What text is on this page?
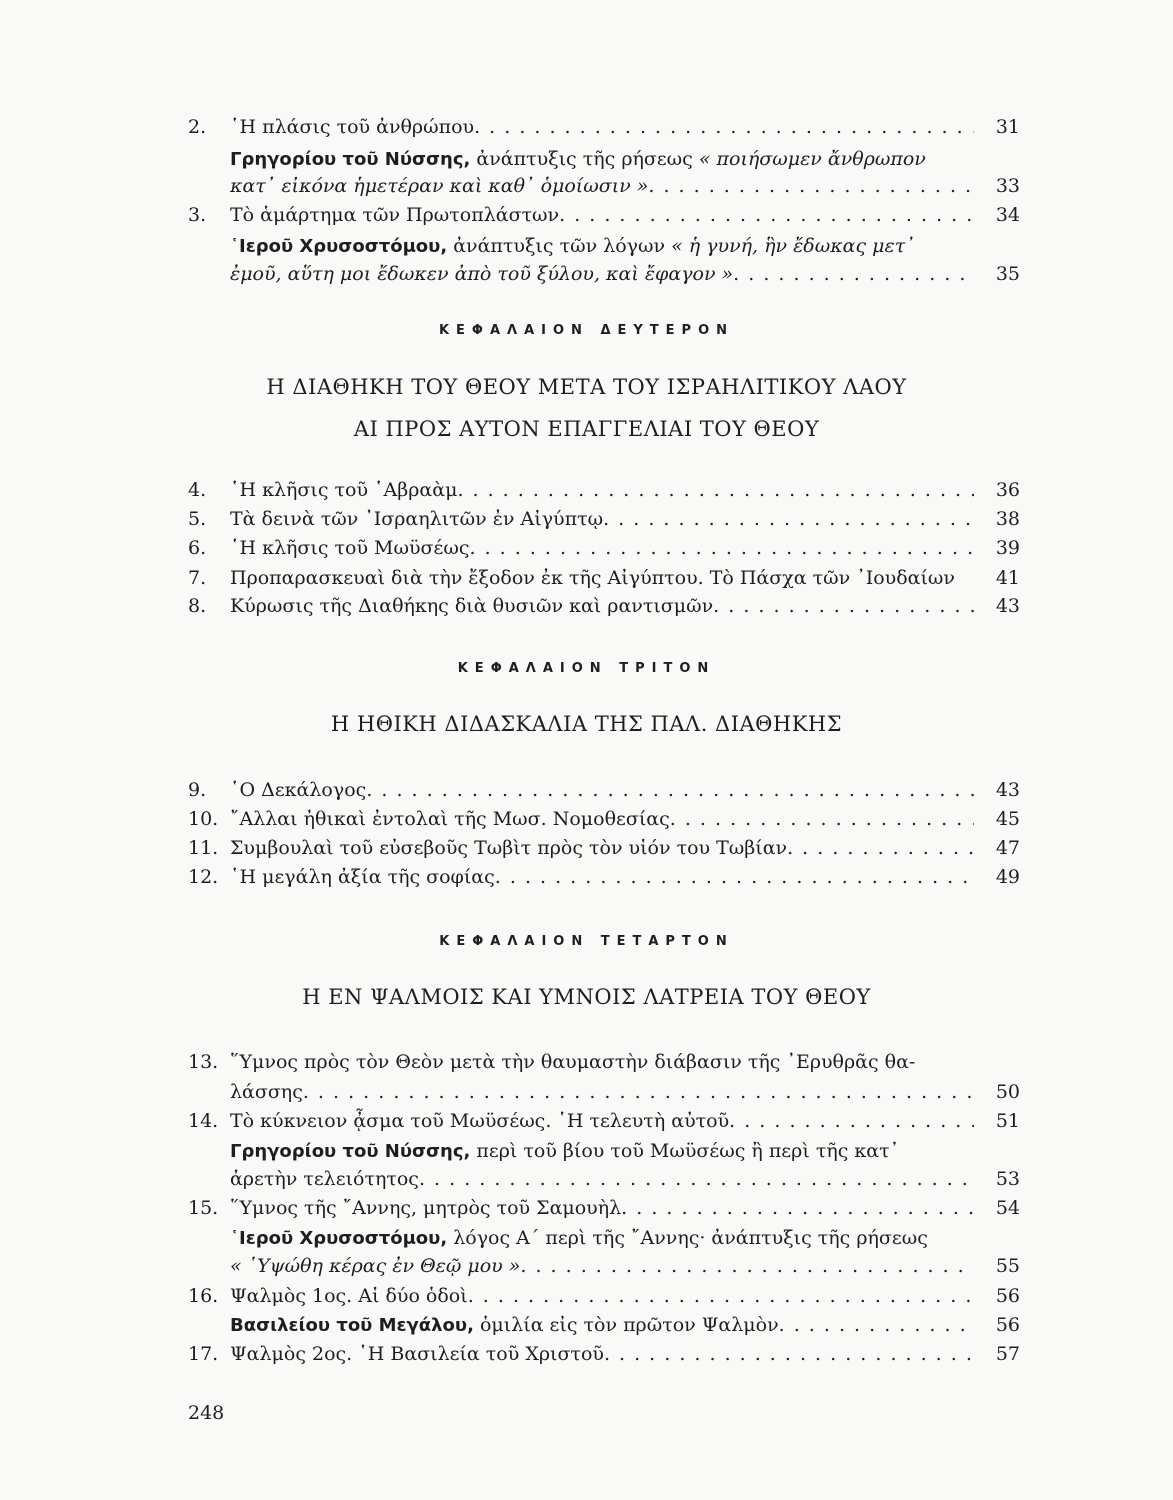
2. ῾Η πλάσις τοῦ ἀνθρώπου . . .	31
Γρηγορίου τοῦ Νύσσης, ἀνάπτυξις τῆς ρήσεως « ποιήσωμεν ἄνθρωπον
κατ᾿ εἰκόνα ἡμετέραν καὶ καθ᾿ ὁμοίωσιν » . . .	33
3. Τὸ ἁμάρτημα τῶν Πρωτοπλάστων . . .	34
῾Ιεροῦ Χρυσοστόμου, ἀνάπτυξις τῶν λόγων « ἡ γυνή, ἣν ἔδωκας μετ᾿
ἐμοῦ, αὕτη μοι ἔδωκεν ἀπὸ τοῦ ξύλου, καὶ ἔφαγον » . . .	35
ΚΕΦΑΛΑΙΟΝ ΔΕΥΤΕΡΟΝ
Η ΔΙΑΘΗΚΗ ΤΟΥ ΘΕΟΥ ΜΕΤΑ ΤΟΥ ΙΣΡΑΗΛΙΤΙΚΟΥ ΛΑΟΥ
ΑΙ ΠΡΟΣ ΑΥΤΟΝ ΕΠΑΓΓΕΛΙΑΙ ΤΟΥ ΘΕΟΥ
4. ῾Η κλῆσις τοῦ ῾Αβραὰμ . . .	36
5. Τὰ δεινὰ τῶν ᾿Ισραηλιτῶν ἐν Αἰγύπτῳ . . .	38
6. ῾Η κλῆσις τοῦ Μωϋσέως . . .	39
7. Προπαρασκευαὶ διὰ τὴν ἔξοδον ἐκ τῆς Αἰγύπτου. Τὸ Πάσχα τῶν ᾿Ιουδαίων	41
8. Κύρωσις τῆς Διαθήκης διὰ θυσιῶν καὶ ραντισμῶν . . .	43
ΚΕΦΑΛΑΙΟΝ ΤΡΙΤΟΝ
Η ΗΘΙΚΗ ΔΙΔΑΣΚΑΛΙΑ ΤΗΣ ΠΑΛ. ΔΙΑΘΗΚΗΣ
9. ῾Ο Δεκάλογος . . .	43
10. ῎Αλλαι ἠθικαὶ ἐντολαὶ τῆς Μωσ. Νομοθεσίας . . .	45
11. Συμβουλαὶ τοῦ εὐσεβοῦς Τωβὶτ πρὸς τὸν υἱόν του Τωβίαν . . .	47
12. ῾Η μεγάλη ἀξία τῆς σοφίας . . .	49
ΚΕΦΑΛΑΙΟΝ ΤΕΤΑΡΤΟΝ
Η ΕΝ ΨΑΛΜΟΙΣ ΚΑΙ ΥΜΝΟΙΣ ΛΑΤΡΕΙΑ ΤΟΥ ΘΕΟΥ
13. ῞Υμνος πρὸς τὸν Θεὸν μετὰ τὴν θαυμαστὴν διάβασιν τῆς ᾿Ερυθρᾶς θα-
λάσσης . . .	50
14. Τὸ κύκνειον ᾆσμα τοῦ Μωϋσέως. ῾Η τελευτὴ αὐτοῦ . . .	51
Γρηγορίου τοῦ Νύσσης, περὶ τοῦ βίου τοῦ Μωϋσέως ἢ περὶ τῆς κατ᾿
ἀρετὴν τελειότητος . . .	53
15. ῞Υμνος τῆς ῎Αννης, μητρὸς τοῦ Σαμουὴλ . . .	54
῾Ιεροῦ Χρυσοστόμου, λόγος Α΄ περὶ τῆς ῎Αννης· ἀνάπτυξις τῆς ρήσεως
« ῾Υψώθη κέρας ἐν Θεῷ μου » . . .	55
16. Ψαλμὸς 1ος. Αἱ δύο ὁδοὶ . . .	56
Βασιλείου τοῦ Μεγάλου, ὁμιλία εἰς τὸν πρῶτον Ψαλμὸν . . .	56
17. Ψαλμὸς 2ος. ῾Η Βασιλεία τοῦ Χριστοῦ . . .	57
248
